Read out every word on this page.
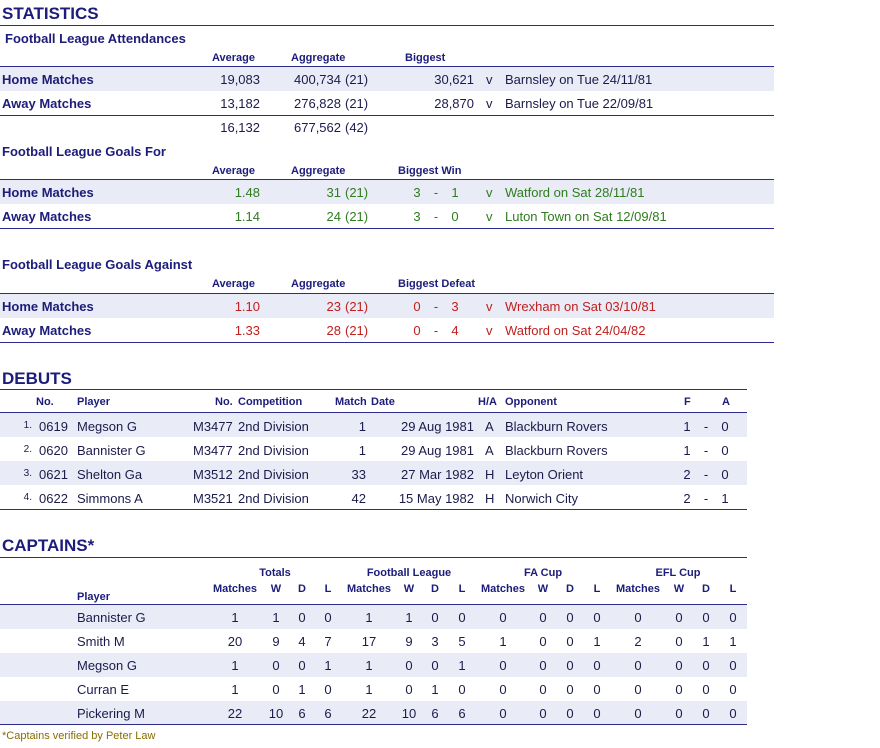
STATISTICS
Football League Attendances
Average	Aggregate	Biggest
Home Matches	19,083	400,734 (21)	30,621 v Barnsley on Tue 24/11/81
Away Matches	13,182	276,828 (21)	28,870 v Barnsley on Tue 22/09/81
16,132	677,562 (42)
Football League Goals For
Average	Aggregate	Biggest Win
Home Matches	1.48	31 (21)	3 - 1 v Watford on Sat 28/11/81
Away Matches	1.14	24 (21)	3 - 0 v Luton Town on Sat 12/09/81
Football League Goals Against
Average	Aggregate	Biggest Defeat
Home Matches	1.10	23 (21)	0 - 3 v Wrexham on Sat 03/10/81
Away Matches	1.33	28 (21)	0 - 4 v Watford on Sat 24/04/82
DEBUTS
No. Player	No. Competition	Match Date	H/A Opponent	F	A
1. 0619 Megson G	M3477 2nd Division	1	29 Aug 1981 A Blackburn Rovers	1 - 0
2. 0620 Bannister G	M3477 2nd Division	1	29 Aug 1981 A Blackburn Rovers	1 - 0
3. 0621 Shelton Ga	M3512 2nd Division	33	27 Mar 1982 H Leyton Orient	2 - 0
4. 0622 Simmons A	M3521 2nd Division	42	15 May 1982 H Norwich City	2 - 1
CAPTAINS*
Totals	Football League	FA Cup	EFL Cup
Matches	W	D	L	Matches	W	D	L	Matches	W	D	L	Matches	W	D	L
Player
Bannister G	1	1	0	0	1	1	0	0	0	0	0	0	0	0	0	0
Smith M	20	9	4	7	17	9	3	5	1	0	0	1	2	0	1	1
Megson G	1	0	0	1	1	0	0	1	0	0	0	0	0	0	0	0
Curran E	1	0	1	0	1	0	1	0	0	0	0	0	0	0	0	0
Pickering M	22	10	6	6	22	10	6	6	0	0	0	0	0	0	0	0
*Captains verified by Peter Law
